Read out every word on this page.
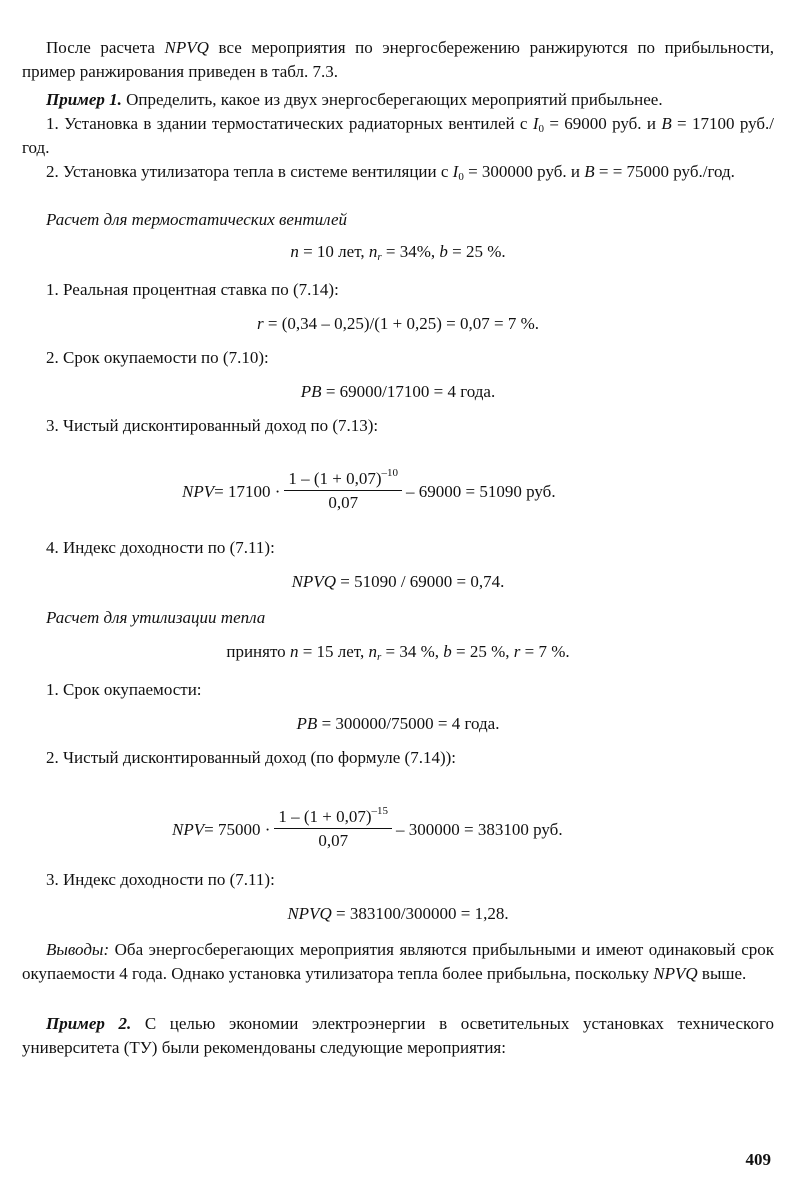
После расчета NPVQ все мероприятия по энергосбережению ранжируются по прибыльности, пример ранжирования приведен в табл. 7.3.

Пример 1. Определить, какое из двух энергосберегающих мероприятий прибыльнее.

1. Установка в здании термостатических радиаторных вентилей с $I_0 = 69000$ руб. и B = 17100 руб./год.

2. Установка утилизатора тепла в системе вентиляции с $I_0 = 300000$ руб. и B = = 75000 руб./год.

Расчет для термостатических вентилей

n = 10 лет, $n_r = 34\%$, b = 25 %.

1. Реальная процентная ставка по (7.14):

r = (0,34 – 0,25)/(1 + 0,25) = 0,07 = 7 %.

2. Срок окупаемости по (7.10):

PB = 69000/17100 = 4 года.

3. Чистый дисконтированный доход по (7.13):

NPV = $17100 \cdot \frac{1 - (1 + 0,07)^{-10}}{0,07} - 69000 = 51090$ руб.

4. Индекс доходности по (7.11):

NPVQ = 51090 / 69000 = 0,74.

Расчет для утилизации тепла

принято n = 15 лет, $n_r = 34$ %, b = 25 %, r = 7 %.

1. Срок окупаемости:

PB = 300000/75000 = 4 года.

2. Чистый дисконтированный доход (по формуле (7.14)):

NPV = $75000 \cdot \frac{1 - (1 + 0,07)^{-15}}{0,07} - 300000 = 383100$ руб.

3. Индекс доходности по (7.11):

NPVQ = 383100/300000 = 1,28.

Выводы: Оба энергосберегающих мероприятия являются прибыльными и имеют одинаковый срок окупаемости 4 года. Однако установка утилизатора тепла более прибыльна, поскольку NPVQ выше.

Пример 2. С целью экономии электроэнергии в осветительных установках технического университета (ТУ) были рекомендованы следующие мероприятия:

409
